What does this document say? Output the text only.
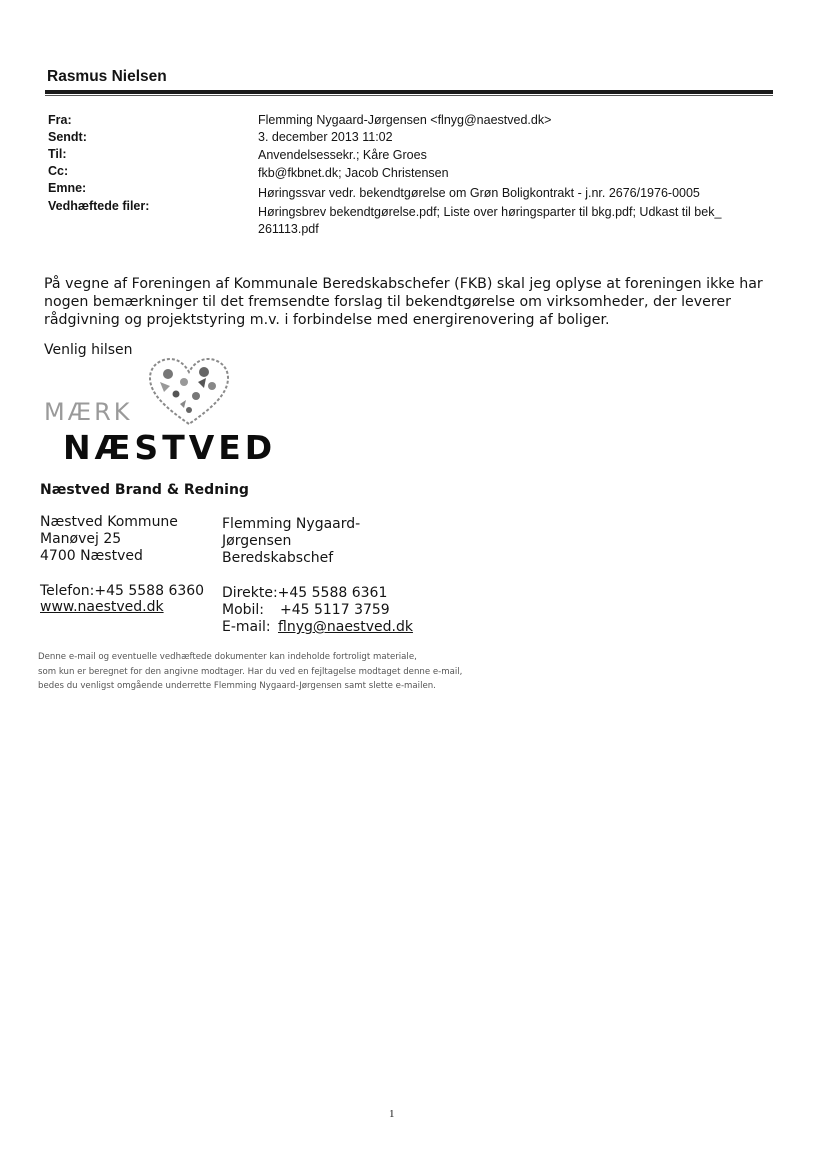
Rasmus Nielsen
Fra:	Flemming Nygaard-Jørgensen <flnyg@naestved.dk>
Sendt:	3. december 2013 11:02
Til:	Anvendelsessekr.; Kåre Groes
Cc:	fkb@fkbnet.dk; Jacob Christensen
Emne:	Høringssvar vedr. bekendtgørelse om Grøn Boligkontrakt - j.nr. 2676/1976-0005
Vedhæftede filer:	Høringsbrev bekendtgørelse.pdf; Liste over høringsparter til bkg.pdf; Udkast til bek_
261113.pdf
På vegne af Foreningen af Kommunale Beredskabschefer (FKB) skal jeg oplyse at foreningen ikke har
nogen bemærkninger til det fremsendte forslag til bekendtgørelse om virksomheder, der leverer
rådgivning og projektstyring m.v. i forbindelse med energirenovering af boliger.
Venlig hilsen
MÆRK
NÆSTVED
Næstved Brand & Redning
Næstved Kommune
Manøvej 25
4700 Næstved
Flemming Nygaard-
Jørgensen
Beredskabschef
Telefon:+45 5588 6360
www.naestved.dk
Direkte:+45 5588 6361
Mobil: +45 5117 3759
E-mail: flnyg@naestved.dk
Denne e-mail og eventuelle vedhæftede dokumenter kan indeholde fortroligt materiale,
som kun er beregnet for den angivne modtager. Har du ved en fejltagelse modtaget denne e-mail,
bedes du venligst omgående underrette Flemming Nygaard-Jørgensen samt slette e-mailen.
1
